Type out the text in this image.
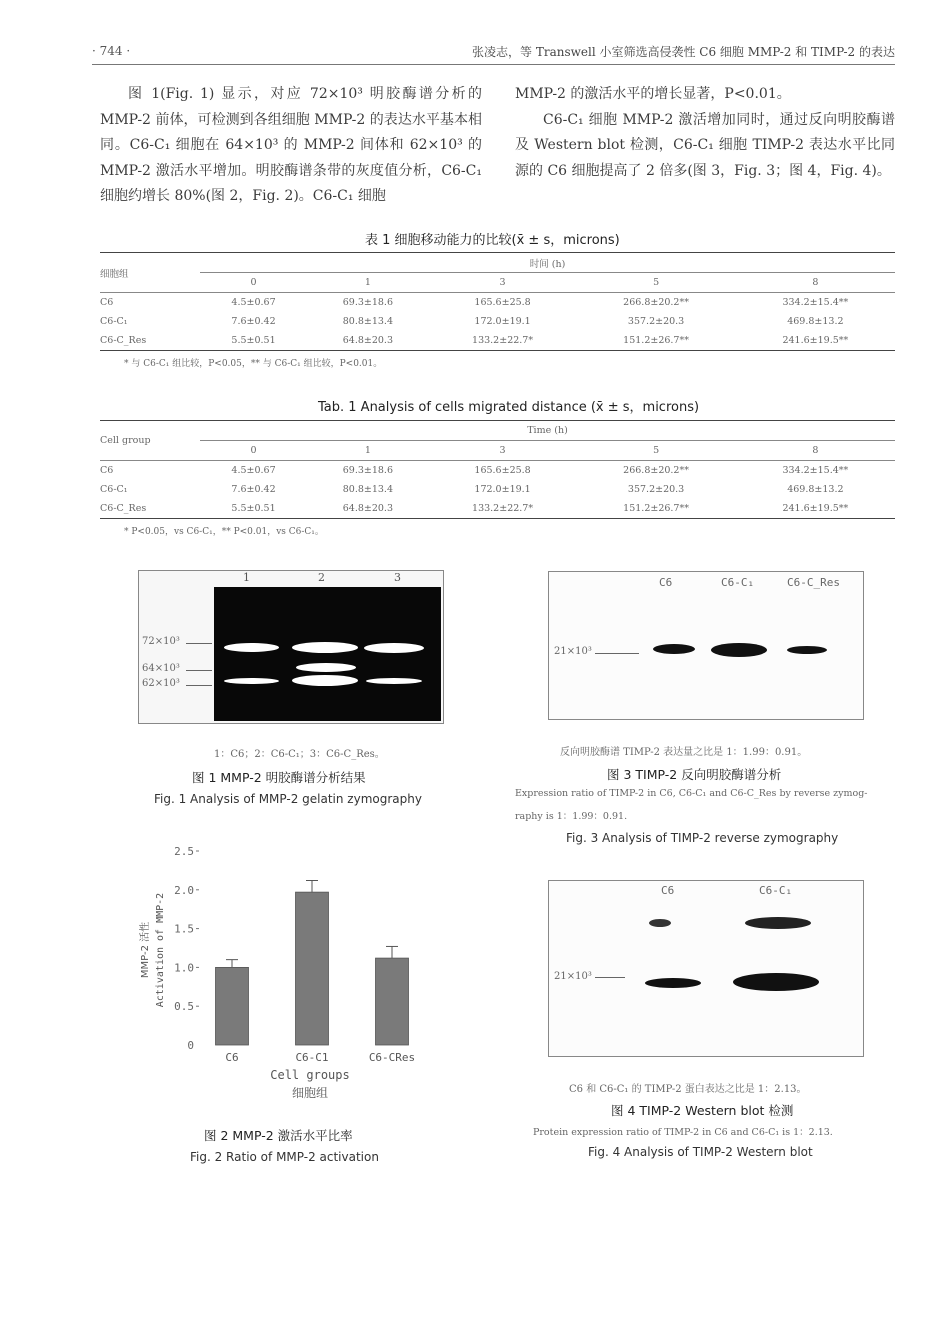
· 744 ·	张凌志，等 Transwell 小室筛选高侵袭性 C6 细胞 MMP-2 和 TIMP-2 的表达

图 1(Fig. 1) 显示，对应 72×10³ 明胶酶谱分析的 MMP-2 前体，可检测到各组细胞 MMP-2 的表达水平基本相同。C6-C₁ 细胞在 64×10³ 的 MMP-2 间体和 62×10³ 的 MMP-2 激活水平增加。明胶酶谱条带的灰度值分析，C6-C₁ 细胞约增长 80%(图 2，Fig. 2)。C6-C₁ 细胞

MMP-2 的激活水平的增长显著，P<0.01。

C6-C₁ 细胞 MMP-2 激活增加同时，通过反向明胶酶谱及 Western blot 检测，C6-C₁ 细胞 TIMP-2 表达水平比同源的 C6 细胞提高了 2 倍多(图 3，Fig. 3；图 4，Fig. 4)。

表 1 细胞移动能力的比较(x̄ ± s，microns)
细胞组	时间 (h)				
	0	1	3	5	8
C6	4.5±0.67	69.3±18.6	165.6±25.8	266.8±20.2**	334.2±15.4**
C6-C₁	7.6±0.42	80.8±13.4	172.0±19.1	357.2±20.3	469.8±13.2
C6-C_Res	5.5±0.51	64.8±20.3	133.2±22.7*	151.2±26.7**	241.6±19.5**
* 与 C6-C₁ 组比较，P<0.05，** 与 C6-C₁ 组比较，P<0.01。
Tab. 1 Analysis of cells migrated distance (x̄ ± s，microns)
Cell group	Time (h)				
	0	1	3	5	8
C6	4.5±0.67	69.3±18.6	165.6±25.8	266.8±20.2**	334.2±15.4**
C6-C₁	7.6±0.42	80.8±13.4	172.0±19.1	357.2±20.3	469.8±13.2
C6-C_Res	5.5±0.51	64.8±20.3	133.2±22.7*	151.2±26.7**	241.6±19.5**
* P<0.05，vs C6-C₁，** P<0.01，vs C6-C₁。
1	2	3
72×10³
64×10³
62×10³
1：C6；2：C6-C₁；3：C6-C_Res。
图 1 MMP-2 明胶酶谱分析结果
Fig. 1 Analysis of MMP-2 gelatin zymography
0
0.5
1.0
1.5
2.0
2.5
MMP-2 活性 Activation of MMP-2
C6	C6-C1	C6-CRes
Cell groups
细胞组
图 2 MMP-2 激活水平比率
Fig. 2 Ratio of MMP-2 activation
C6	C6-C₁	C6-C_Res
21×10³
反向明胶酶谱 TIMP-2 表达量之比是 1：1.99：0.91。
图 3 TIMP-2 反向明胶酶谱分析
Expression ratio of TIMP-2 in C6, C6-C₁ and C6-C_Res by reverse zymog-
raphy is 1：1.99：0.91.
Fig. 3 Analysis of TIMP-2 reverse zymography
C6	C6-C₁
21×10³
C6 和 C6-C₁ 的 TIMP-2 蛋白表达之比是 1：2.13。
图 4 TIMP-2 Western blot 检测
Protein expression ratio of TIMP-2 in C6 and C6-C₁ is 1：2.13.
Fig. 4 Analysis of TIMP-2 Western blot
